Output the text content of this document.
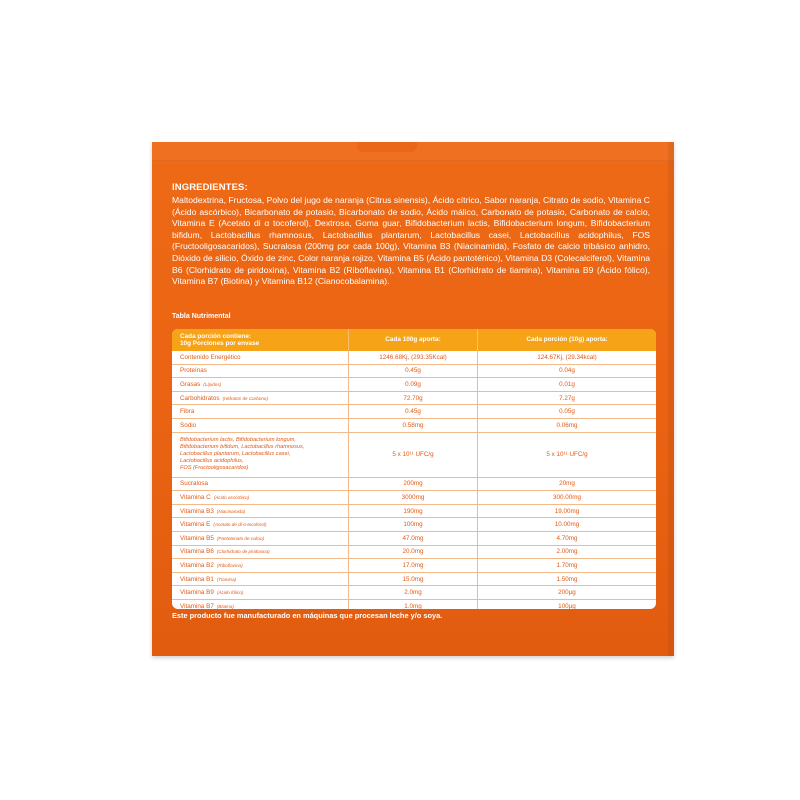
INGREDIENTES:
Maltodextrina, Fructosa, Polvo del jugo de naranja (Citrus sinensis), Ácido cítrico, Sabor naranja, Citrato de sodio, Vitamina C (Ácido ascórbico), Bicarbonato de potasio, Bicarbonato de sodio, Ácido málico, Carbonato de potasio, Carbonato de calcio, Vitamina E (Acetato di α tocoferol), Dextrosa, Goma guar, Bifidobacterium lactis, Bifidobacterium longum, Bifidobacterium bifidum, Lactobacillus rhamnosus, Lactobacillus plantarum, Lactobacillus casei, Lactobacillus acidophilus, FOS (Fructooligosacaridos), Sucralosa (200mg por cada 100g), Vitamina B3 (Niacinamida), Fosfato de calcio tribásico anhidro, Dióxido de silicio, Óxido de zinc, Color naranja rojizo, Vitamina B5 (Ácido pantoténico), Vitamina D3 (Colecalciferol), Vitamina B6 (Clorhidrato de piridoxina), Vitamina B2 (Riboflavina), Vitamina B1 (Clorhidrato de tiamina), Vitamina B9 (Ácido fólico), Vitamina B7 (Biotina) y Vitamina B12 (Cianocobalamina).
Tabla Nutrimental
Cada porción contiene:
10g Porciones por envase
Cada 100g aporta:	Cada porción (10g) aporta:
Contenido Energético	1246.68Kj, (293.35Kcal)	124.67Kj, (29.34kcal)
Proteínas	0.45g	0.04g
Grasas (Lípidos)	0.09g	0.01g
Carbohidratos (Hidratos de Carbono)	72.70g	7.27g
Fibra	0.45g	0.05g
Sodio	0.58mg	0.06mg
Bifidobacterium lactis, Bifidobacterium longum,
Bifidobacterium bifidum, Lactobacillus rhamnosus,
Lactobacillus plantarum, Lactobacillus casei,
Lactobacillus acidophilus,
FOS (Fructooligosacaridos)
5 x 10¹¹ UFC/g	5 x 10¹¹ UFC/g
Sucralosa	200mg	20mg
Vitamina C (Ácido ascórbico)	3000mg	300.00mg
Vitamina B3 (Niacinamida)	190mg	19.00mg
Vitamina E (Acetato de dl-α-tocoferol)	100mg	10.00mg
Vitamina B5 (Pantotenato de calcio)	47.0mg	4.70mg
Vitamina B6 (Clorhidrato de piridoxina)	20.0mg	2.00mg
Vitamina B2 (Riboflavina)	17.0mg	1.70mg
Vitamina B1 (Tiamina)	15.0mg	1.50mg
Vitamina B9 (Ácido fólico)	2.0mg	200µg
Vitamina B7 (Biotina)	1.0mg	100µg
Este producto fue manufacturado en máquinas que procesan leche y/o soya.
